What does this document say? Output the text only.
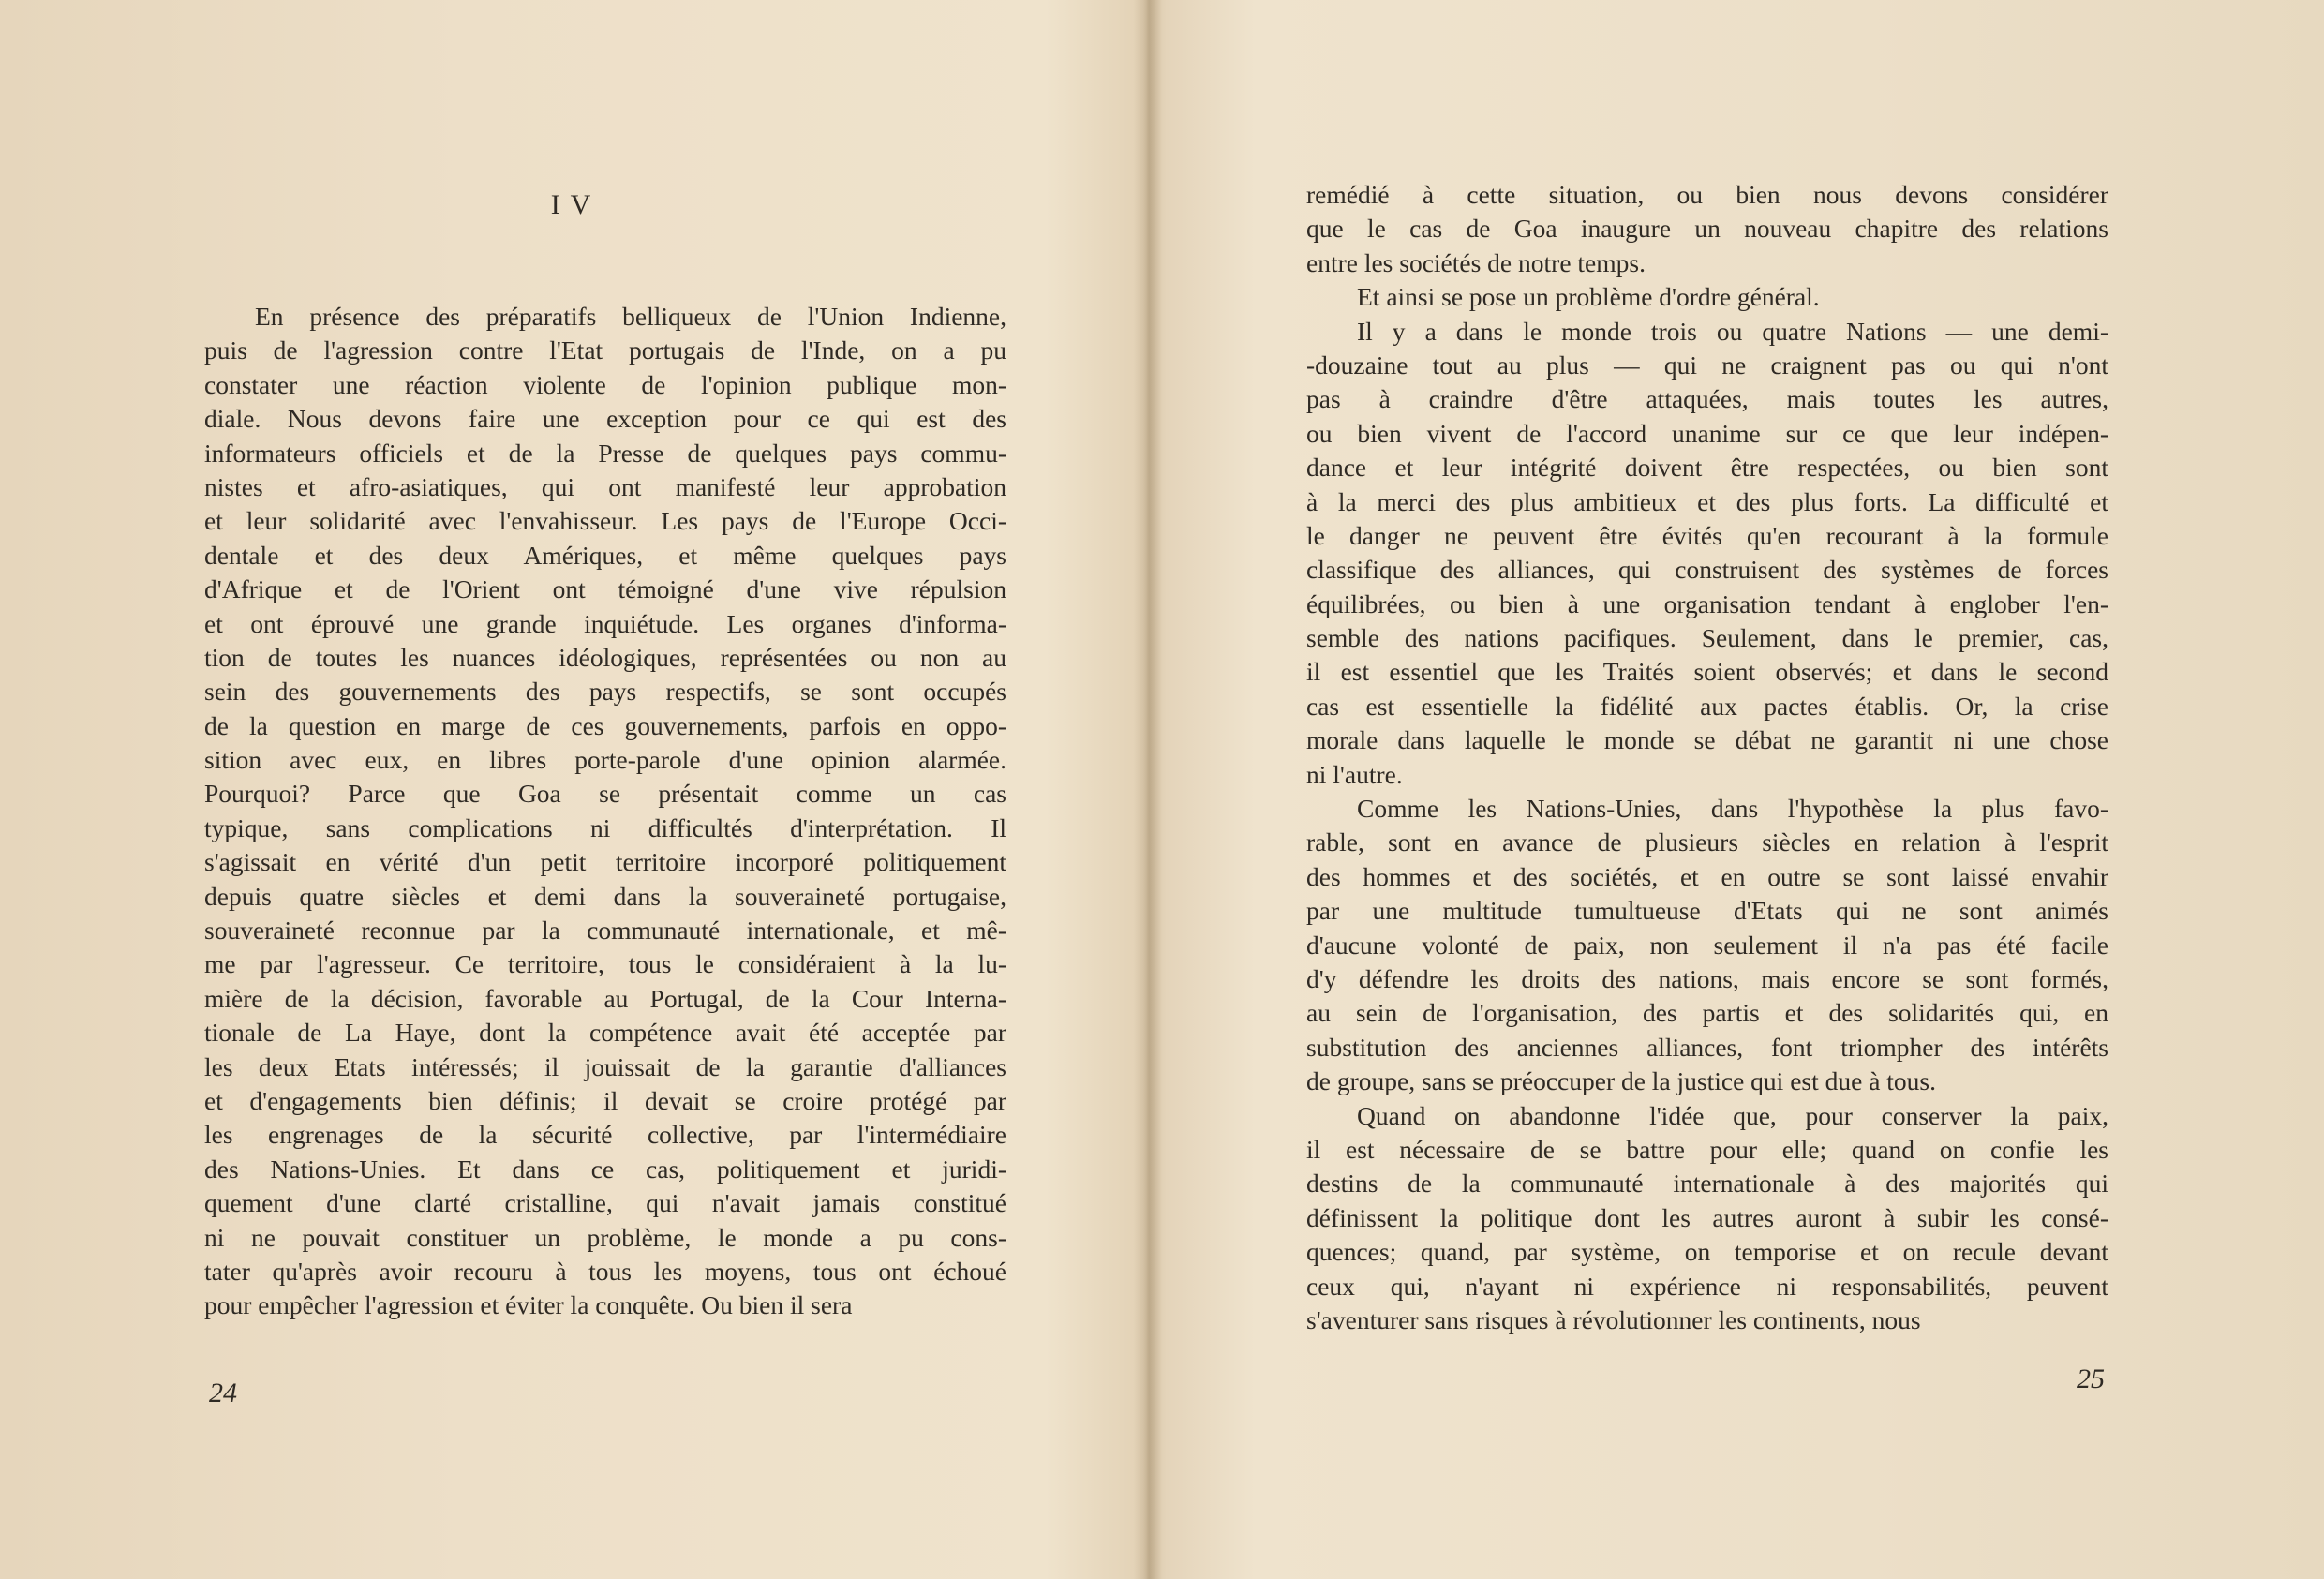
I V
En présence des préparatifs belliqueux de l'Union Indienne,
puis de l'agression contre l'Etat portugais de l'Inde, on a pu
constater une réaction violente de l'opinion publique mon-
diale. Nous devons faire une exception pour ce qui est des
informateurs officiels et de la Presse de quelques pays commu-
nistes et afro-asiatiques, qui ont manifesté leur approbation
et leur solidarité avec l'envahisseur. Les pays de l'Europe Occi-
dentale et des deux Amériques, et même quelques pays
d'Afrique et de l'Orient ont témoigné d'une vive répulsion
et ont éprouvé une grande inquiétude. Les organes d'informa-
tion de toutes les nuances idéologiques, représentées ou non au
sein des gouvernements des pays respectifs, se sont occupés
de la question en marge de ces gouvernements, parfois en oppo-
sition avec eux, en libres porte-parole d'une opinion alarmée.
Pourquoi? Parce que Goa se présentait comme un cas
typique, sans complications ni difficultés d'interprétation. Il
s'agissait en vérité d'un petit territoire incorporé politiquement
depuis quatre siècles et demi dans la souveraineté portugaise,
souveraineté reconnue par la communauté internationale, et mê-
me par l'agresseur. Ce territoire, tous le considéraient à la lu-
mière de la décision, favorable au Portugal, de la Cour Interna-
tionale de La Haye, dont la compétence avait été acceptée par
les deux Etats intéressés; il jouissait de la garantie d'alliances
et d'engagements bien définis; il devait se croire protégé par
les engrenages de la sécurité collective, par l'intermédiaire
des Nations-Unies. Et dans ce cas, politiquement et juridi-
quement d'une clarté cristalline, qui n'avait jamais constitué
ni ne pouvait constituer un problème, le monde a pu cons-
tater qu'après avoir recouru à tous les moyens, tous ont échoué
pour empêcher l'agression et éviter la conquête. Ou bien il sera
24
remédié à cette situation, ou bien nous devons considérer
que le cas de Goa inaugure un nouveau chapitre des relations
entre les sociétés de notre temps.
Et ainsi se pose un problème d'ordre général.
Il y a dans le monde trois ou quatre Nations — une demi-
-douzaine tout au plus — qui ne craignent pas ou qui n'ont
pas à craindre d'être attaquées, mais toutes les autres,
ou bien vivent de l'accord unanime sur ce que leur indépen-
dance et leur intégrité doivent être respectées, ou bien sont
à la merci des plus ambitieux et des plus forts. La difficulté et
le danger ne peuvent être évités qu'en recourant à la formule
classifique des alliances, qui construisent des systèmes de forces
équilibrées, ou bien à une organisation tendant à englober l'en-
semble des nations pacifiques. Seulement, dans le premier, cas,
il est essentiel que les Traités soient observés; et dans le second
cas est essentielle la fidélité aux pactes établis. Or, la crise
morale dans laquelle le monde se débat ne garantit ni une chose
ni l'autre.
Comme les Nations-Unies, dans l'hypothèse la plus favo-
rable, sont en avance de plusieurs siècles en relation à l'esprit
des hommes et des sociétés, et en outre se sont laissé envahir
par une multitude tumultueuse d'Etats qui ne sont animés
d'aucune volonté de paix, non seulement il n'a pas été facile
d'y défendre les droits des nations, mais encore se sont formés,
au sein de l'organisation, des partis et des solidarités qui, en
substitution des anciennes alliances, font triompher des intérêts
de groupe, sans se préoccuper de la justice qui est due à tous.
Quand on abandonne l'idée que, pour conserver la paix,
il est nécessaire de se battre pour elle; quand on confie les
destins de la communauté internationale à des majorités qui
définissent la politique dont les autres auront à subir les consé-
quences; quand, par système, on temporise et on recule devant
ceux qui, n'ayant ni expérience ni responsabilités, peuvent
s'aventurer sans risques à révolutionner les continents, nous
25
